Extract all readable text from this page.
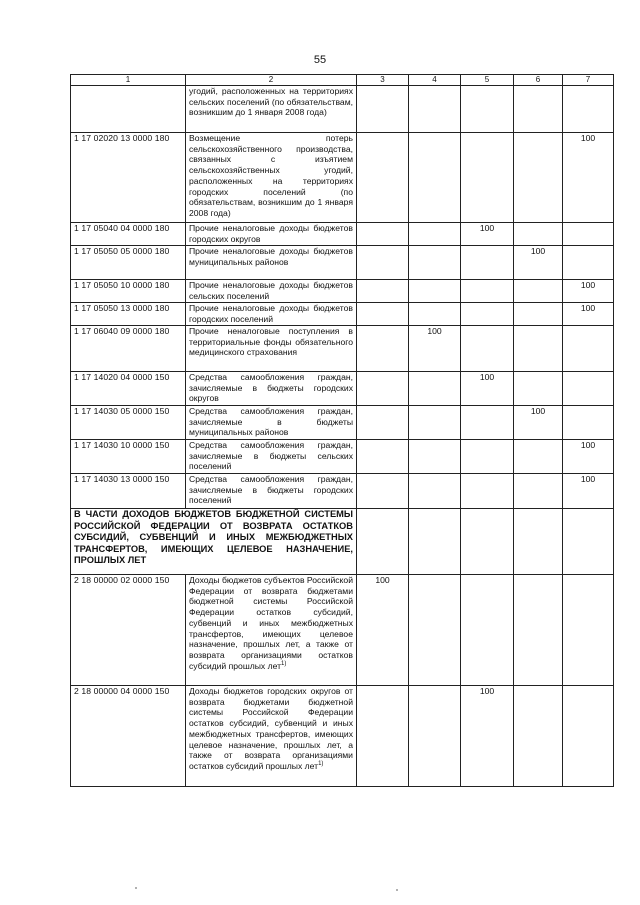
55
1	2	3	4	5	6	7
	угодий, расположенных на территориях сельских поселений (по обязательствам, возникшим до 1 января 2008 года)					
1 17 02020 13 0000 180	Возмещение потерь сельскохозяйственного производства, связанных с изъятием сельскохозяйственных угодий, расположенных на территориях городских поселений (по обязательствам, возникшим до 1 января 2008 года)					100
1 17 05040 04 0000 180	Прочие неналоговые доходы бюджетов городских округов			100		
1 17 05050 05 0000 180	Прочие неналоговые доходы бюджетов муниципальных районов				100	
1 17 05050 10 0000 180	Прочие неналоговые доходы бюджетов сельских поселений					100
1 17 05050 13 0000 180	Прочие неналоговые доходы бюджетов городских поселений					100
1 17 06040 09 0000 180	Прочие неналоговые поступления в территориальные фонды обязательного медицинского страхования		100			
1 17 14020 04 0000 150	Средства самообложения граждан, зачисляемые в бюджеты городских округов			100		
1 17 14030 05 0000 150	Средства самообложения граждан, зачисляемые в бюджеты муниципальных районов				100	
1 17 14030 10 0000 150	Средства самообложения граждан, зачисляемые в бюджеты сельских поселений					100
1 17 14030 13 0000 150	Средства самообложения граждан, зачисляемые в бюджеты городских поселений					100
В ЧАСТИ ДОХОДОВ БЮДЖЕТОВ БЮДЖЕТНОЙ СИСТЕМЫ РОССИЙСКОЙ ФЕДЕРАЦИИ ОТ ВОЗВРАТА ОСТАТКОВ СУБСИДИЙ, СУБВЕНЦИЙ И ИНЫХ МЕЖБЮДЖЕТНЫХ ТРАНСФЕРТОВ, ИМЕЮЩИХ ЦЕЛЕВОЕ НАЗНАЧЕНИЕ, ПРОШЛЫХ ЛЕТ						
2 18 00000 02 0000 150	Доходы бюджетов субъектов Российской Федерации от возврата бюджетами бюджетной системы Российской Федерации остатков субсидий, субвенций и иных межбюджетных трансфертов, имеющих целевое назначение, прошлых лет, а также от возврата организациями остатков субсидий прошлых лет$^{1)}$	100				
2 18 00000 04 0000 150	Доходы бюджетов городских округов от возврата бюджетами бюджетной системы Российской Федерации остатков субсидий, субвенций и иных межбюджетных трансфертов, имеющих целевое назначение, прошлых лет, а также от возврата организациями остатков субсидий прошлых лет$^{1)}$			100		
